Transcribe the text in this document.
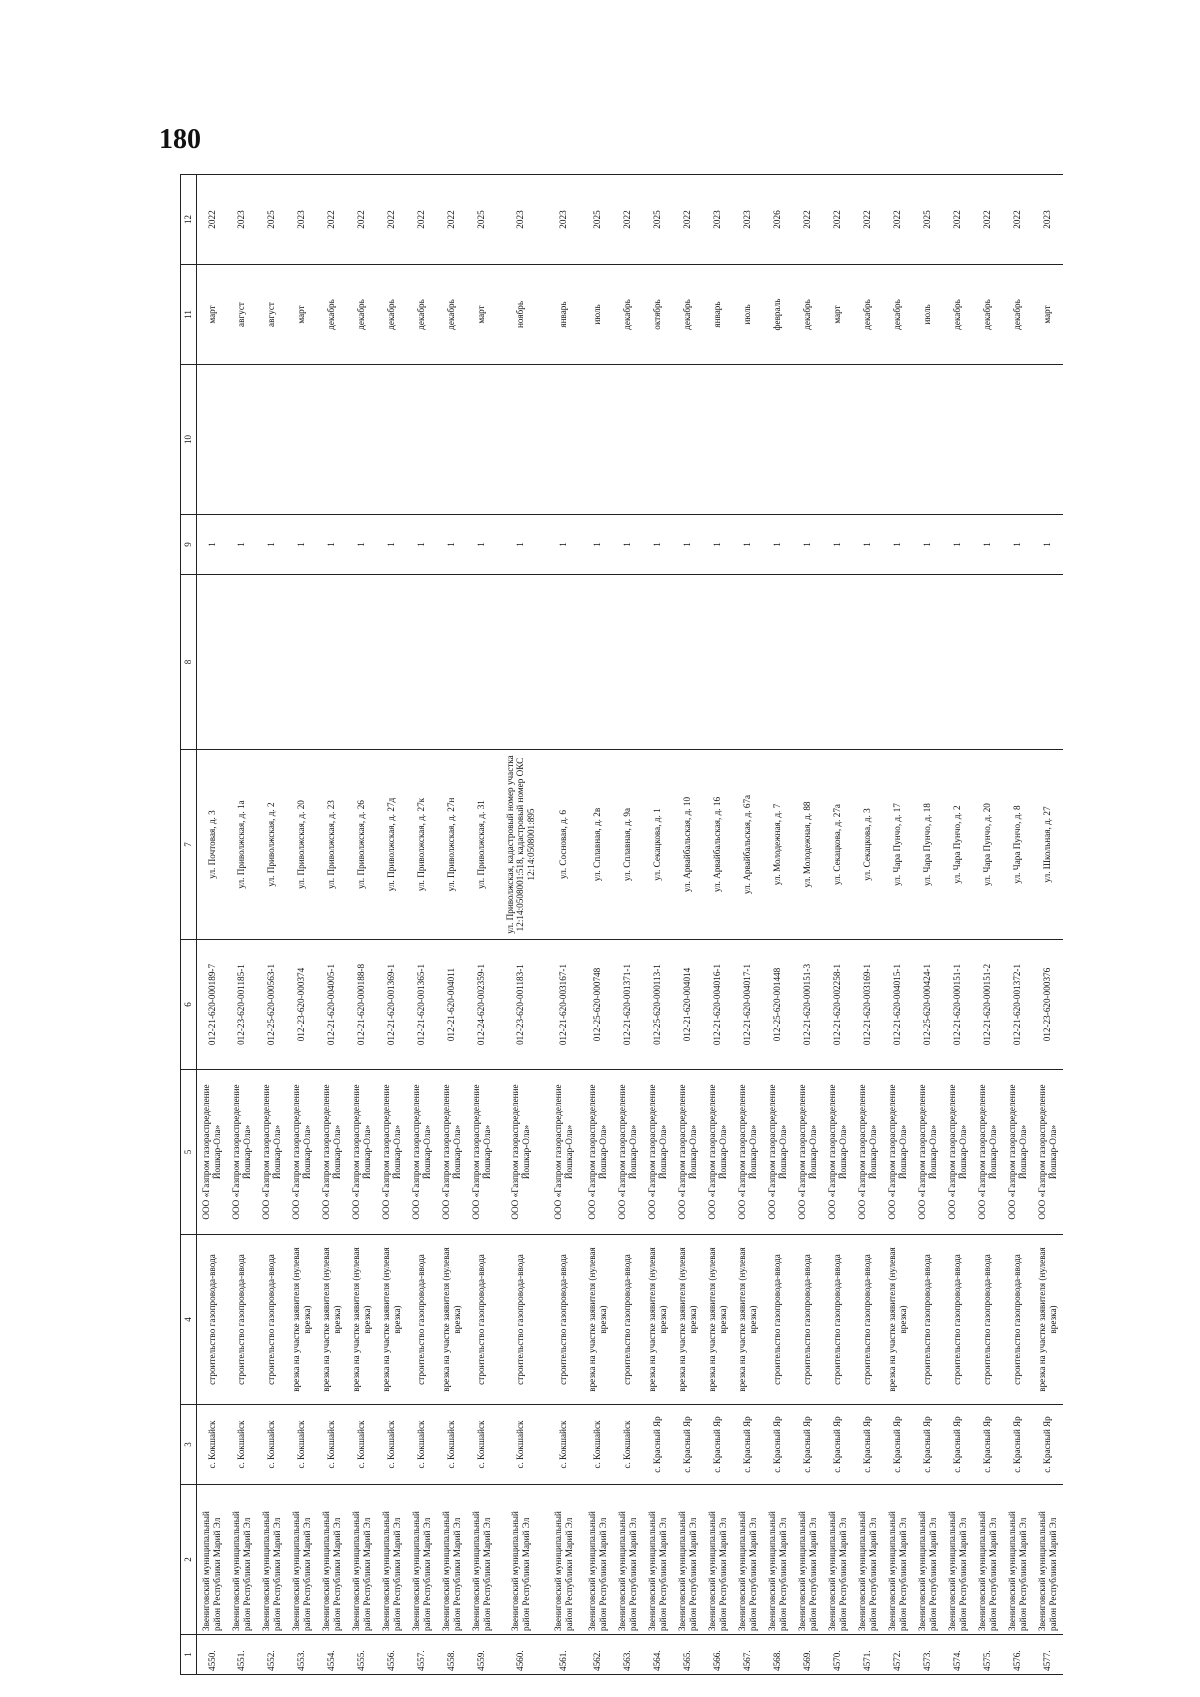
180
1	2	3	4	5	6	7	8	9	10	11	12
4550.	Звениговский муниципальный район Республики Марий Эл	с. Кокшайск	строительство газопровода-ввода	ООО «Газпром газораспределение Йошкар-Ола»	012-21-620-000189-7	ул. Почтовая, д. 3		1		март	2022
4551.	Звениговский муниципальный район Республики Марий Эл	с. Кокшайск	строительство газопровода-ввода	ООО «Газпром газораспределение Йошкар-Ола»	012-23-620-001185-1	ул. Приволжская, д. 1а		1		август	2023
4552.	Звениговский муниципальный район Республики Марий Эл	с. Кокшайск	строительство газопровода-ввода	ООО «Газпром газораспределение Йошкар-Ола»	012-25-620-000563-1	ул. Приволжская, д. 2		1		август	2025
4553.	Звениговский муниципальный район Республики Марий Эл	с. Кокшайск	врезка на участке заявителя (нулевая врезка)	ООО «Газпром газораспределение Йошкар-Ола»	012-23-620-000374	ул. Приволжская, д. 20		1		март	2023
4554.	Звениговский муниципальный район Республики Марий Эл	с. Кокшайск	врезка на участке заявителя (нулевая врезка)	ООО «Газпром газораспределение Йошкар-Ола»	012-21-620-004005-1	ул. Приволжская, д. 23		1		декабрь	2022
4555.	Звениговский муниципальный район Республики Марий Эл	с. Кокшайск	врезка на участке заявителя (нулевая врезка)	ООО «Газпром газораспределение Йошкар-Ола»	012-21-620-000188-8	ул. Приволжская, д. 26		1		декабрь	2022
4556.	Звениговский муниципальный район Республики Марий Эл	с. Кокшайск	врезка на участке заявителя (нулевая врезка)	ООО «Газпром газораспределение Йошкар-Ола»	012-21-620-001369-1	ул. Приволжская, д. 27д		1		декабрь	2022
4557.	Звениговский муниципальный район Республики Марий Эл	с. Кокшайск	строительство газопровода-ввода	ООО «Газпром газораспределение Йошкар-Ола»	012-21-620-001365-1	ул. Приволжская, д. 27к		1		декабрь	2022
4558.	Звениговский муниципальный район Республики Марий Эл	с. Кокшайск	врезка на участке заявителя (нулевая врезка)	ООО «Газпром газораспределение Йошкар-Ола»	012-21-620-004011	ул. Приволжская, д. 27н		1		декабрь	2022
4559.	Звениговский муниципальный район Республики Марий Эл	с. Кокшайск	строительство газопровода-ввода	ООО «Газпром газораспределение Йошкар-Ола»	012-24-620-002359-1	ул. Приволжская, д. 31		1		март	2025
4560.	Звениговский муниципальный район Республики Марий Эл	с. Кокшайск	строительство газопровода-ввода	ООО «Газпром газораспределение Йошкар-Ола»	012-23-620-001183-1	ул. Приволжская, кадастровый номер участка 12:14:0508001:518, кадастровый номер ОКС 12:14:0508001:895		1		ноябрь	2023
4561.	Звениговский муниципальный район Республики Марий Эл	с. Кокшайск	строительство газопровода-ввода	ООО «Газпром газораспределение Йошкар-Ола»	012-21-620-003167-1	ул. Сосновая, д. 6		1		январь	2023
4562.	Звениговский муниципальный район Республики Марий Эл	с. Кокшайск	врезка на участке заявителя (нулевая врезка)	ООО «Газпром газораспределение Йошкар-Ола»	012-25-620-000748	ул. Сплавная, д. 2в		1		июль	2025
4563.	Звениговский муниципальный район Республики Марий Эл	с. Кокшайск	строительство газопровода-ввода	ООО «Газпром газораспределение Йошкар-Ола»	012-21-620-001371-1	ул. Сплавная, д. 9а		1		декабрь	2022
4564.	Звениговский муниципальный район Республики Марий Эл	с. Красный Яр	врезка на участке заявителя (нулевая врезка)	ООО «Газпром газораспределение Йошкар-Ола»	012-25-620-000113-1	ул. Секацкова, д. 1		1		октябрь	2025
4565.	Звениговский муниципальный район Республики Марий Эл	с. Красный Яр	врезка на участке заявителя (нулевая врезка)	ООО «Газпром газораспределение Йошкар-Ола»	012-21-620-004014	ул. Арвайбальская, д. 10		1		декабрь	2022
4566.	Звениговский муниципальный район Республики Марий Эл	с. Красный Яр	врезка на участке заявителя (нулевая врезка)	ООО «Газпром газораспределение Йошкар-Ола»	012-21-620-004016-1	ул. Арвайбальская, д. 16		1		январь	2023
4567.	Звениговский муниципальный район Республики Марий Эл	с. Красный Яр	врезка на участке заявителя (нулевая врезка)	ООО «Газпром газораспределение Йошкар-Ола»	012-21-620-004017-1	ул. Арвайбальская, д. 67а		1		июль	2023
4568.	Звениговский муниципальный район Республики Марий Эл	с. Красный Яр	строительство газопровода-ввода	ООО «Газпром газораспределение Йошкар-Ола»	012-25-620-001448	ул. Молодежная, д. 7		1		февраль	2026
4569.	Звениговский муниципальный район Республики Марий Эл	с. Красный Яр	строительство газопровода-ввода	ООО «Газпром газораспределение Йошкар-Ола»	012-21-620-000151-3	ул. Молодежная, д. 88		1		декабрь	2022
4570.	Звениговский муниципальный район Республики Марий Эл	с. Красный Яр	строительство газопровода-ввода	ООО «Газпром газораспределение Йошкар-Ола»	012-21-620-002258-1	ул. Секацкова, д. 27а		1		март	2022
4571.	Звениговский муниципальный район Республики Марий Эл	с. Красный Яр	строительство газопровода-ввода	ООО «Газпром газораспределение Йошкар-Ола»	012-21-620-003169-1	ул. Секацкова, д. 3		1		декабрь	2022
4572.	Звениговский муниципальный район Республики Марий Эл	с. Красный Яр	врезка на участке заявителя (нулевая врезка)	ООО «Газпром газораспределение Йошкар-Ола»	012-21-620-004015-1	ул. Чара Пунчо, д. 17		1		декабрь	2022
4573.	Звениговский муниципальный район Республики Марий Эл	с. Красный Яр	строительство газопровода-ввода	ООО «Газпром газораспределение Йошкар-Ола»	012-25-620-000424-1	ул. Чара Пунчо, д. 18		1		июль	2025
4574.	Звениговский муниципальный район Республики Марий Эл	с. Красный Яр	строительство газопровода-ввода	ООО «Газпром газораспределение Йошкар-Ола»	012-21-620-000151-1	ул. Чара Пунчо, д. 2		1		декабрь	2022
4575.	Звениговский муниципальный район Республики Марий Эл	с. Красный Яр	строительство газопровода-ввода	ООО «Газпром газораспределение Йошкар-Ола»	012-21-620-000151-2	ул. Чара Пунчо, д. 20		1		декабрь	2022
4576.	Звениговский муниципальный район Республики Марий Эл	с. Красный Яр	строительство газопровода-ввода	ООО «Газпром газораспределение Йошкар-Ола»	012-21-620-001372-1	ул. Чара Пунчо, д. 8		1		декабрь	2022
4577.	Звениговский муниципальный район Республики Марий Эл	с. Красный Яр	врезка на участке заявителя (нулевая врезка)	ООО «Газпром газораспределение Йошкар-Ола»	012-23-620-000376	ул. Школьная, д. 27		1		март	2023
